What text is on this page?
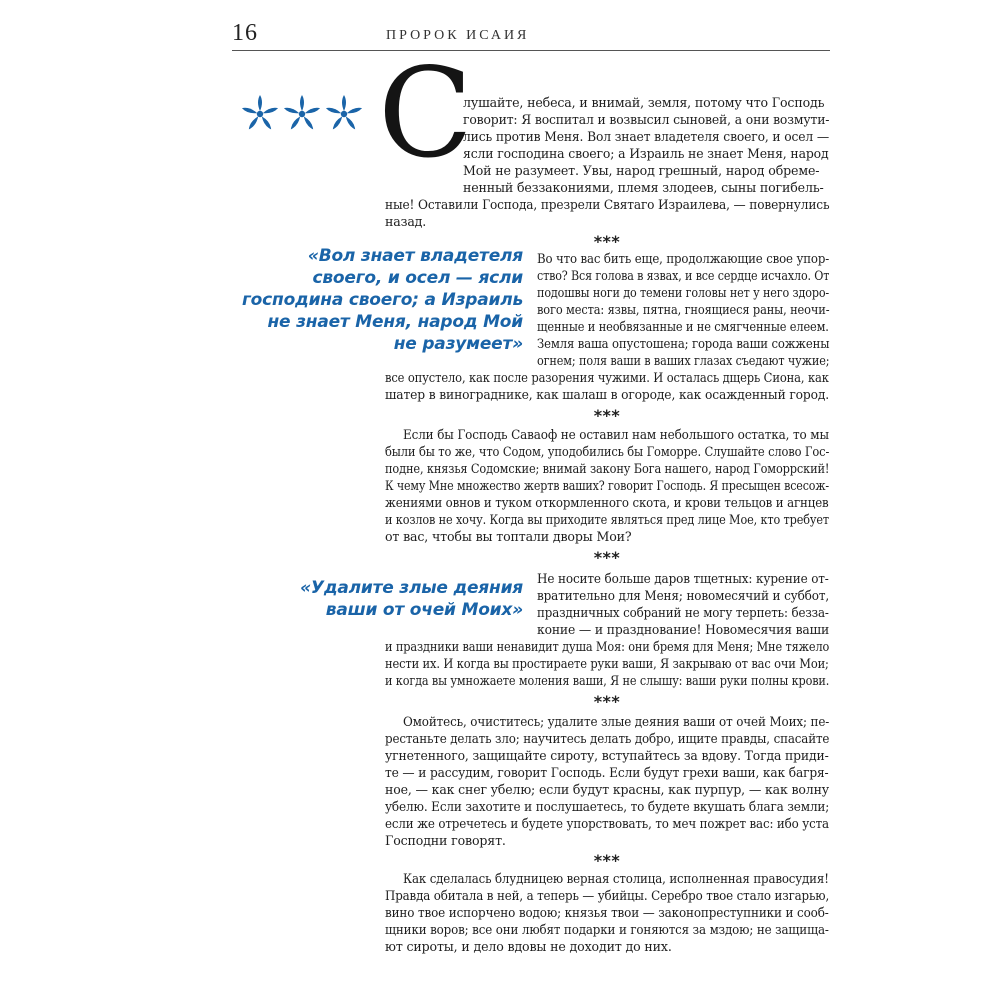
16	ПРОРОК ИСАИЯ
С
лушайте, небеса, и внимай, земля, потому что Господь
говорит: Я воспитал и возвысил сыновей, а они возмути-
лись против Меня. Вол знает владетеля своего, и осел —
ясли господина своего; а Израиль не знает Меня, народ
Мой не разумеет. Увы, народ грешный, народ обреме-
ненный беззакониями, племя злодеев, сыны погибель-
ные! Оставили Господа, презрели Святаго Израилева, — повернулись
назад.
***
«Вол знает владетеля
своего, и осел — ясли
господина своего; а Израиль
не знает Меня, народ Мой
не разумеет»
Во что вас бить еще, продолжающие свое упор-
ство? Вся голова в язвах, и все сердце исчахло. От
подошвы ноги до темени головы нет у него здоро-
вого места: язвы, пятна, гноящиеся раны, неочи-
щенные и необвязанные и не смягченные елеем.
Земля ваша опустошена; города ваши сожжены
огнем; поля ваши в ваших глазах съедают чужие;
все опустело, как после разорения чужими. И осталась дщерь Сиона, как
шатер в винограднике, как шалаш в огороде, как осажденный город.
***
Если бы Господь Саваоф не оставил нам небольшого остатка, то мы
были бы то же, что Содом, уподобились бы Гоморре. Слушайте слово Гос-
подне, князья Содомские; внимай закону Бога нашего, народ Гоморрский!
К чему Мне множество жертв ваших? говорит Господь. Я пресыщен всесож-
жениями овнов и туком откормленного скота, и крови тельцов и агнцев
и козлов не хочу. Когда вы приходите являться пред лице Мое, кто требует
от вас, чтобы вы топтали дворы Мои?
***
«Удалите злые деяния
ваши от очей Моих»
Не носите больше даров тщетных: курение от-
вратительно для Меня; новомесячий и суббот,
праздничных собраний не могу терпеть: безза-
коние — и празднование! Новомесячия ваши
и праздники ваши ненавидит душа Моя: они бремя для Меня; Мне тяжело
нести их. И когда вы простираете руки ваши, Я закрываю от вас очи Мои;
и когда вы умножаете моления ваши, Я не слышу: ваши руки полны крови.
***
Омойтесь, очиститесь; удалите злые деяния ваши от очей Моих; пе-
рестаньте делать зло; научитесь делать добро, ищите правды, спасайте
угнетенного, защищайте сироту, вступайтесь за вдову. Тогда приди-
те — и рассудим, говорит Господь. Если будут грехи ваши, как багря-
ное, — как снег убелю; если будут красны, как пурпур, — как волну
убелю. Если захотите и послушаетесь, то будете вкушать блага земли;
если же отречетесь и будете упорствовать, то меч пожрет вас: ибо уста
Господни говорят.
***
Как сделалась блудницею верная столица, исполненная правосудия!
Правда обитала в ней, а теперь — убийцы. Серебро твое стало изгарью,
вино твое испорчено водою; князья твои — законопреступники и сооб-
щники воров; все они любят подарки и гоняются за мздою; не защища-
ют сироты, и дело вдовы не доходит до них.
